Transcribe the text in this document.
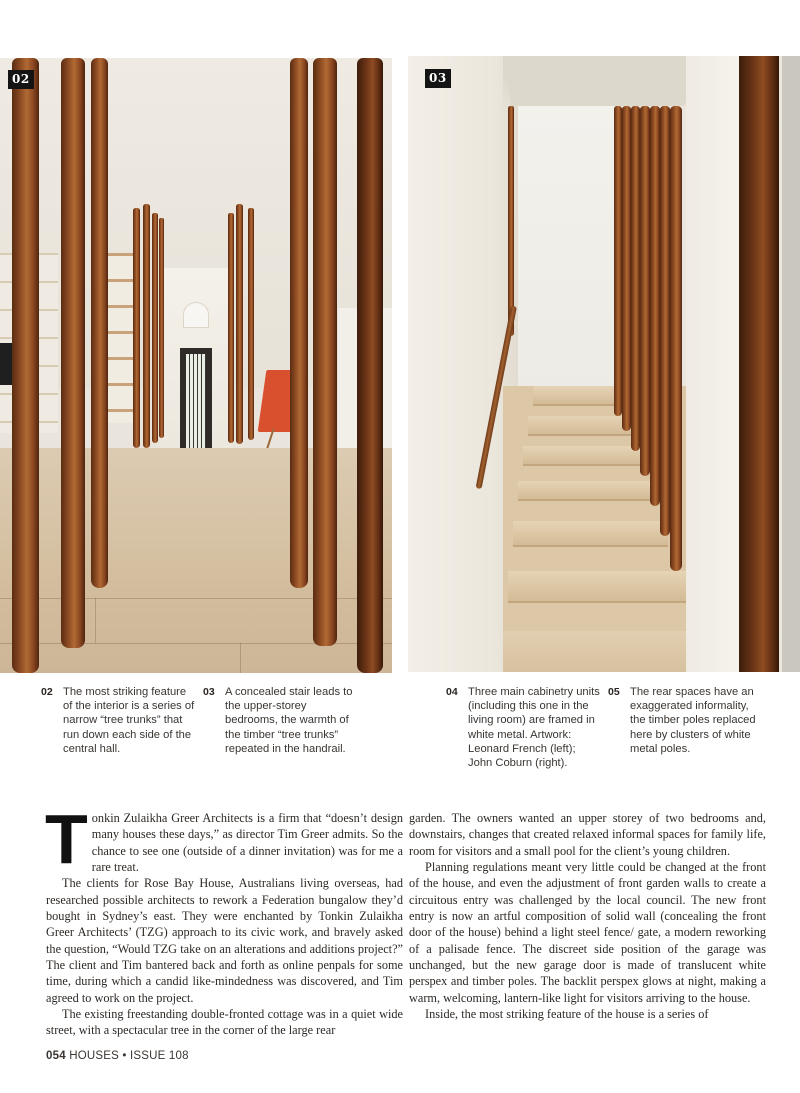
02	03
02 The most striking feature of the interior is a series of narrow “tree trunks” that run down each side of the central hall.
03 A concealed stair leads to the upper-storey bedrooms, the warmth of the timber “tree trunks” repeated in the handrail.
04 Three main cabinetry units (including this one in the living room) are framed in white metal. Artwork: Leonard French (left); John Coburn (right).
05 The rear spaces have an exaggerated informality, the timber poles replaced here by clusters of white metal poles.

Tonkin Zulaikha Greer Architects is a firm that “doesn’t design many houses these days,” as director Tim Greer admits. So the chance to see one (outside of a dinner invitation) was for me a rare treat.

The clients for Rose Bay House, Australians living overseas, had researched possible architects to rework a Federation bungalow they’d bought in Sydney’s east. They were enchanted by Tonkin Zulaikha Greer Architects’ (TZG) approach to its civic work, and bravely asked the question, “Would TZG take on an alterations and additions project?” The client and Tim bantered back and forth as online penpals for some time, during which a candid like-mindedness was discovered, and Tim agreed to work on the project.

The existing freestanding double-fronted cottage was in a quiet wide street, with a spectacular tree in the corner of the large rear

garden. The owners wanted an upper storey of two bedrooms and, downstairs, changes that created relaxed informal spaces for family life, room for visitors and a small pool for the client’s young children.

Planning regulations meant very little could be changed at the front of the house, and even the adjustment of front garden walls to create a circuitous entry was challenged by the local council. The new front entry is now an artful composition of solid wall (concealing the front door of the house) behind a light steel fence/ gate, a modern reworking of a palisade fence. The discreet side position of the garage was unchanged, but the new garage door is made of translucent white perspex and timber poles. The backlit perspex glows at night, making a warm, welcoming, lantern-like light for visitors arriving to the house.

Inside, the most striking feature of the house is a series of

054 HOUSES • ISSUE 108
